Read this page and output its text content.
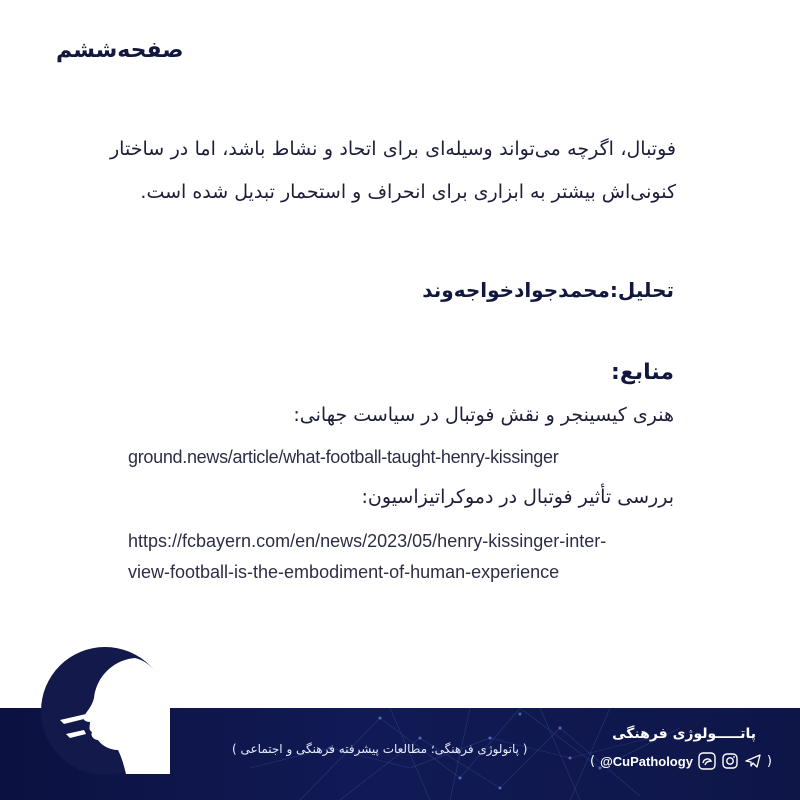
صفحه‌ششم

فوتبال، اگرچه می‌تواند وسیله‌ای برای اتحاد و نشاط باشد، اما در ساختار کنونی‌اش بیشتر به ابزاری برای انحراف و استحمار تبدیل شده است.

تحلیل:محمدجوادخواجه‌وند
منابع:
هنری کیسینجر و نقش فوتبال در سیاست جهانی:
ground.news/article/what-football-taught-henry-kissinger
بررسی تأثیر فوتبال در دموکراتیزاسیون:
https://fcbayern.com/en/news/2023/05/henry-kissinger-inter-
view-football-is-the-embodiment-of-human-experience
( پاتولوژی فرهنگی؛ مطالعات پیشرفته فرهنگی و اجتماعی )
پاتـــــولوژی فرهنگی
( @CuPathology	)
